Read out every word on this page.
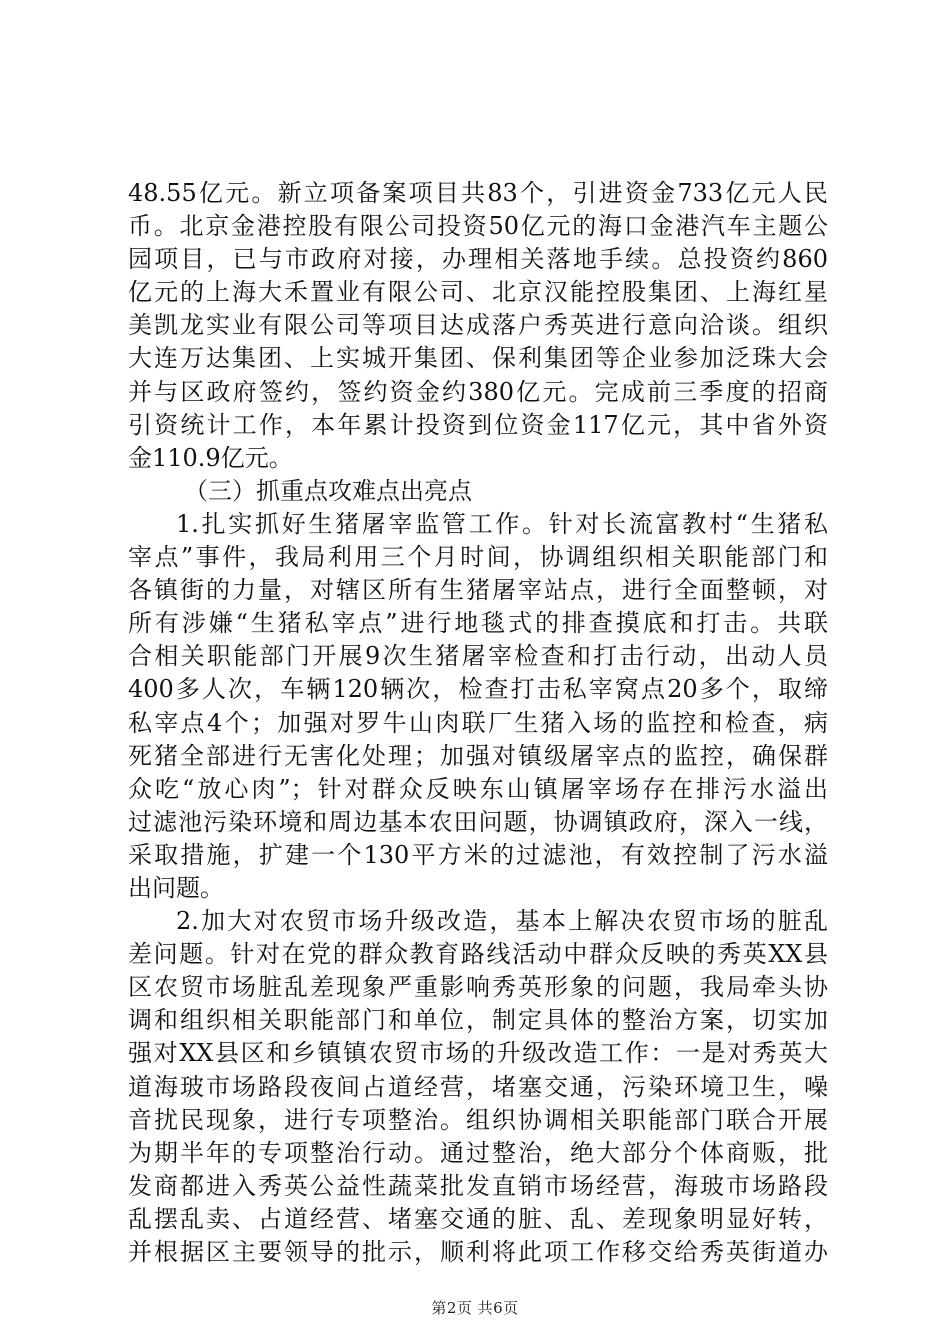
48.55亿元。新立项备案项目共83个，引进资金733亿元人民
币。北京金港控股有限公司投资50亿元的海口金港汽车主题公
园项目，已与市政府对接，办理相关落地手续。总投资约860
亿元的上海大禾置业有限公司、北京汉能控股集团、上海红星
美凯龙实业有限公司等项目达成落户秀英进行意向洽谈。组织
大连万达集团、上实城开集团、保利集团等企业参加泛珠大会
并与区政府签约，签约资金约380亿元。完成前三季度的招商
引资统计工作，本年累计投资到位资金117亿元，其中省外资
金110.9亿元。
（三）抓重点攻难点出亮点
1.扎实抓好生猪屠宰监管工作。针对长流富教村“生猪私
宰点”事件，我局利用三个月时间，协调组织相关职能部门和
各镇街的力量，对辖区所有生猪屠宰站点，进行全面整顿，对
所有涉嫌“生猪私宰点”进行地毯式的排查摸底和打击。共联
合相关职能部门开展9次生猪屠宰检查和打击行动，出动人员
400多人次，车辆120辆次，检查打击私宰窝点20多个，取缔
私宰点4个；加强对罗牛山肉联厂生猪入场的监控和检查，病
死猪全部进行无害化处理；加强对镇级屠宰点的监控，确保群
众吃“放心肉”；针对群众反映东山镇屠宰场存在排污水溢出
过滤池污染环境和周边基本农田问题，协调镇政府，深入一线，
采取措施，扩建一个130平方米的过滤池，有效控制了污水溢
出问题。
2.加大对农贸市场升级改造，基本上解决农贸市场的脏乱
差问题。针对在党的群众教育路线活动中群众反映的秀英XX县
区农贸市场脏乱差现象严重影响秀英形象的问题，我局牵头协
调和组织相关职能部门和单位，制定具体的整治方案，切实加
强对XX县区和乡镇镇农贸市场的升级改造工作：一是对秀英大
道海玻市场路段夜间占道经营，堵塞交通，污染环境卫生，噪
音扰民现象，进行专项整治。组织协调相关职能部门联合开展
为期半年的专项整治行动。通过整治，绝大部分个体商贩，批
发商都进入秀英公益性蔬菜批发直销市场经营，海玻市场路段
乱摆乱卖、占道经营、堵塞交通的脏、乱、差现象明显好转，
并根据区主要领导的批示，顺利将此项工作移交给秀英街道办
第2页 共6页
